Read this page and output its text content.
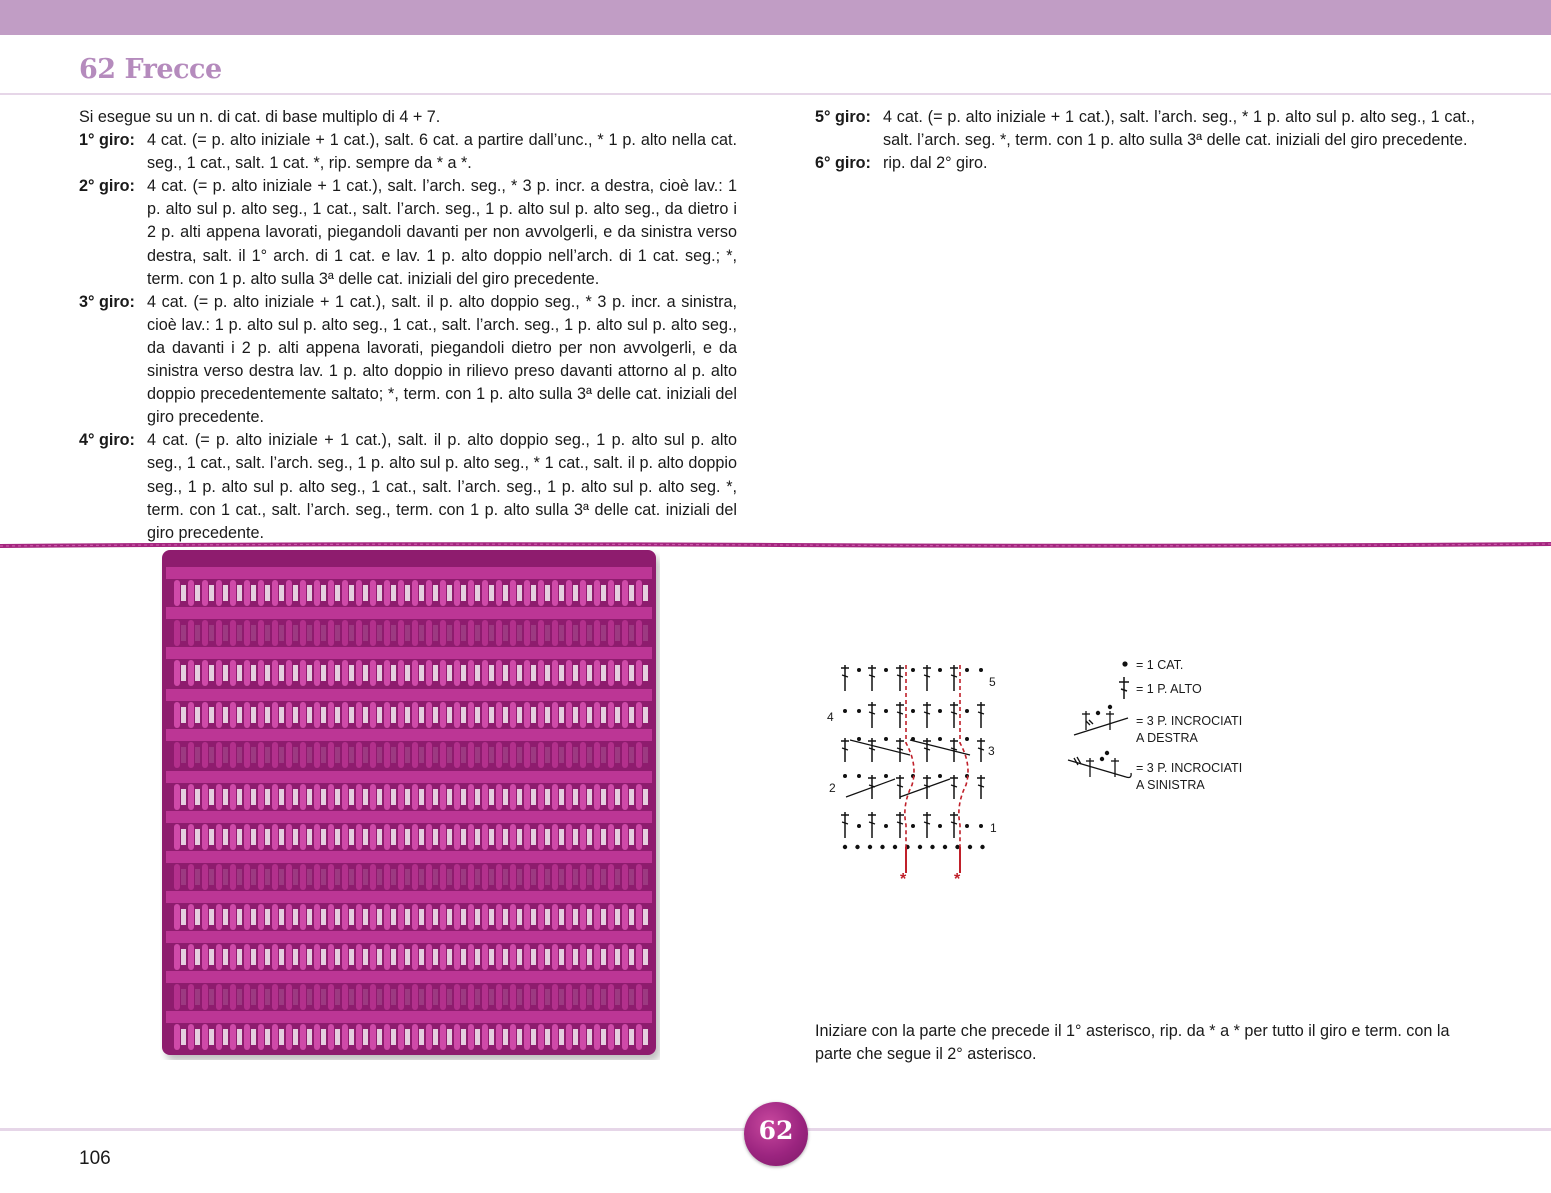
62 Frecce

Si esegue su un n. di cat. di base multiplo di 4 + 7.

1° giro: 4 cat. (= p. alto iniziale + 1 cat.), salt. 6 cat. a partire dall’unc., * 1 p. alto nella cat. seg., 1 cat., salt. 1 cat. *, rip. sempre da * a *.
2° giro: 4 cat. (= p. alto iniziale + 1 cat.), salt. l’arch. seg., * 3 p. incr. a destra, cioè lav.: 1 p. alto sul p. alto seg., 1 cat., salt. l’arch. seg., 1 p. alto sul p. alto seg., da dietro i 2 p. alti appena lavorati, piegandoli davanti per non avvolgerli, e da sinistra verso destra, salt. il 1° arch. di 1 cat. e lav. 1 p. alto doppio nell’arch. di 1 cat. seg.; *, term. con 1 p. alto sulla 3ª delle cat. iniziali del giro precedente.
3° giro: 4 cat. (= p. alto iniziale + 1 cat.), salt. il p. alto doppio seg., * 3 p. incr. a sinistra, cioè lav.: 1 p. alto sul p. alto seg., 1 cat., salt. l’arch. seg., 1 p. alto sul p. alto seg., da davanti i 2 p. alti appena lavorati, piegandoli dietro per non avvolgerli, e da sinistra verso destra lav. 1 p. alto doppio in rilievo preso davanti attorno al p. alto doppio precedentemente saltato; *, term. con 1 p. alto sulla 3ª delle cat. iniziali del giro precedente.
4° giro: 4 cat. (= p. alto iniziale + 1 cat.), salt. il p. alto doppio seg., 1 p. alto sul p. alto seg., 1 cat., salt. l’arch. seg., 1 p. alto sul p. alto seg., * 1 cat., salt. il p. alto doppio seg., 1 p. alto sul p. alto seg., 1 cat., salt. l’arch. seg., 1 p. alto sul p. alto seg. *, term. con 1 cat., salt. l’arch. seg., term. con 1 p. alto sulla 3ª delle cat. iniziali del giro precedente.
5° giro: 4 cat. (= p. alto iniziale + 1 cat.), salt. l’arch. seg., * 1 p. alto sul p. alto seg., 1 cat., salt. l’arch. seg. *, term. con 1 p. alto sulla 3ª delle cat. iniziali del giro precedente.
6° giro: rip. dal 2° giro.
5
4
3
2
1
*	*
= 1 CAT.
= 1 P. ALTO
= 3 P. INCROCIATI
A DESTRA
= 3 P. INCROCIATI
A SINISTRA
Iniziare con la parte che precede il 1° asterisco, rip. da * a * per tutto il giro e term. con la parte che segue il 2° asterisco.
106
62
